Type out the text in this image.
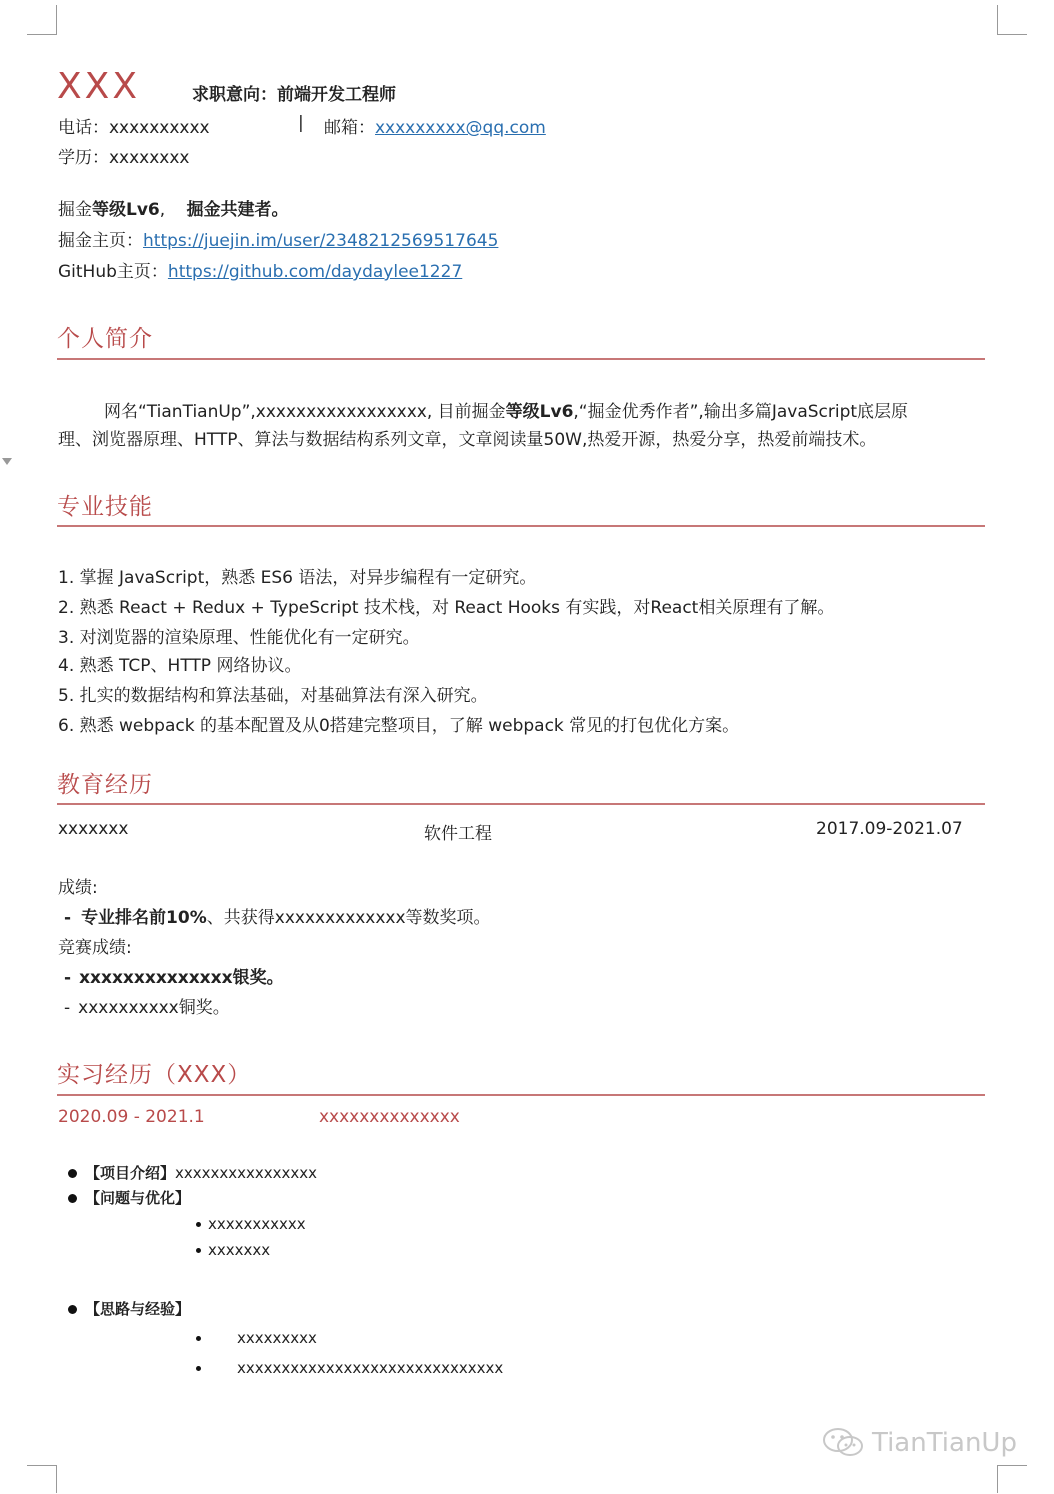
XXX	求职意向：前端开发工程师
电话：xxxxxxxxxx	| 邮箱：xxxxxxxxx@qq.com
学历：xxxxxxxx
掘金等级Lv6, 掘金共建者。
掘金主页：https://juejin.im/user/2348212569517645
GitHub主页：https://github.com/daydaylee1227
个人简介
网名“TianTianUp”,xxxxxxxxxxxxxxxxx, 目前掘金等级Lv6,“掘金优秀作者”,输出多篇JavaScript底层原
理、浏览器原理、HTTP、算法与数据结构系列文章，文章阅读量50W,热爱开源，热爱分享，热爱前端技术。
专业技能
1. 掌握 JavaScript，熟悉 ES6 语法，对异步编程有一定研究。
2. 熟悉 React + Redux + TypeScript 技术栈，对 React Hooks 有实践，对React相关原理有了解。
3. 对浏览器的渲染原理、性能优化有一定研究。
4. 熟悉 TCP、HTTP 网络协议。
5. 扎实的数据结构和算法基础，对基础算法有深入研究。
6. 熟悉 webpack 的基本配置及从0搭建完整项目，了解 webpack 常见的打包优化方案。
教育经历
xxxxxxx	软件工程	2017.09-2021.07
成绩:
- 专业排名前10%、共获得xxxxxxxxxxxxx等数奖项。
竞赛成绩:
- xxxxxxxxxxxxxx银奖。
- xxxxxxxxxx铜奖。
实习经历（XXX）
2020.09 - 2021.1	xxxxxxxxxxxxxx
【项目介绍】xxxxxxxxxxxxxxxx
【问题与优化】
xxxxxxxxxxx
xxxxxxx
【思路与经验】
xxxxxxxxx
xxxxxxxxxxxxxxxxxxxxxxxxxxxxxx
TianTianUp
